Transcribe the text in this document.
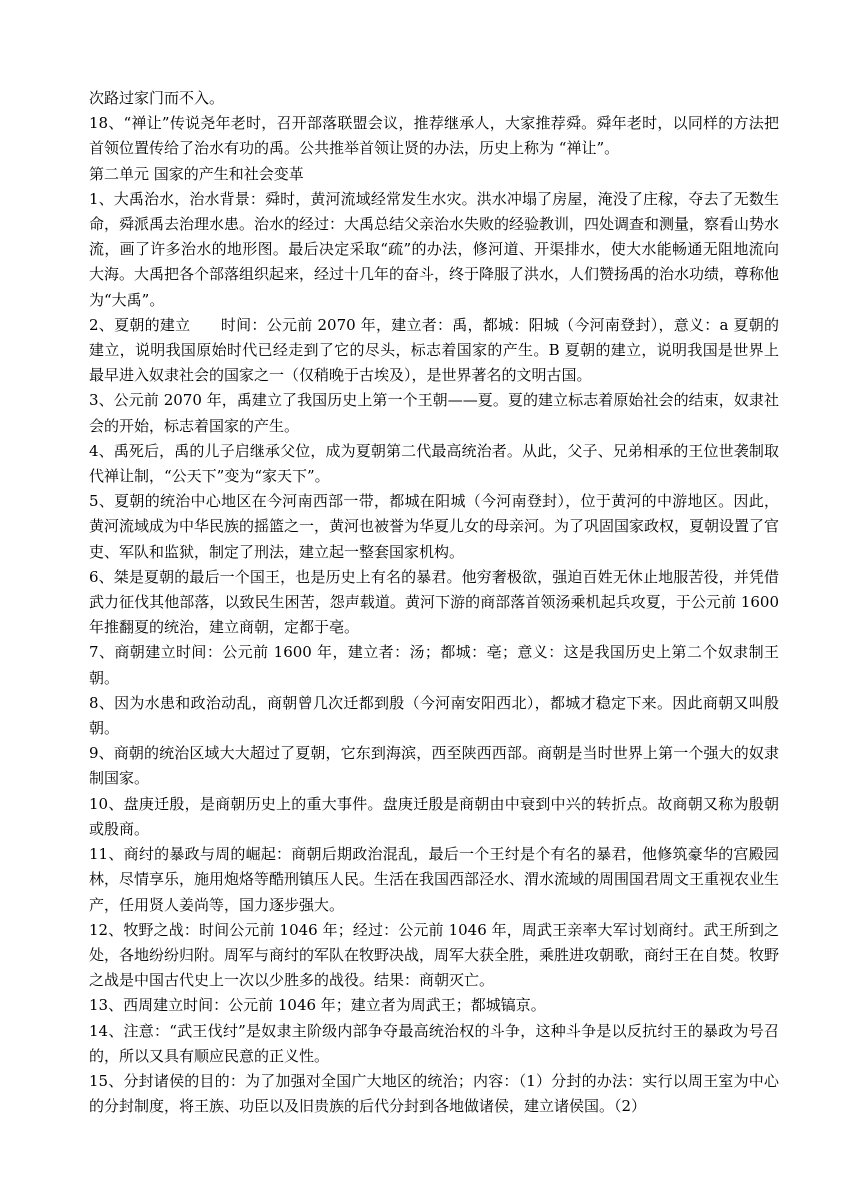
次路过家门而不入。

18、“禅让”传说尧年老时，召开部落联盟会议，推荐继承人，大家推荐舜。舜年老时，以同样的方法把首领位置传给了治水有功的禹。公共推举首领让贤的办法，历史上称为 “禅让”。

第二单元 国家的产生和社会变革

1、大禹治水，治水背景：舜时，黄河流域经常发生水灾。洪水冲塌了房屋，淹没了庄稼，夺去了无数生命，舜派禹去治理水患。治水的经过：大禹总结父亲治水失败的经验教训，四处调查和测量，察看山势水流，画了许多治水的地形图。最后决定采取“疏”的办法，修河道、开渠排水，使大水能畅通无阻地流向大海。大禹把各个部落组织起来，经过十几年的奋斗，终于降服了洪水，人们赞扬禹的治水功绩，尊称他为“大禹”。

2、夏朝的建立　　时间：公元前 2070 年，建立者：禹，都城：阳城（今河南登封），意义：a 夏朝的建立，说明我国原始时代已经走到了它的尽头，标志着国家的产生。B 夏朝的建立，说明我国是世界上最早进入奴隶社会的国家之一（仅稍晚于古埃及），是世界著名的文明古国。

3、公元前 2070 年，禹建立了我国历史上第一个王朝——夏。夏的建立标志着原始社会的结束，奴隶社会的开始，标志着国家的产生。

4、禹死后，禹的儿子启继承父位，成为夏朝第二代最高统治者。从此，父子、兄弟相承的王位世袭制取代禅让制，“公天下”变为“家天下”。

5、夏朝的统治中心地区在今河南西部一带，都城在阳城（今河南登封），位于黄河的中游地区。因此，黄河流域成为中华民族的摇篮之一，黄河也被誉为华夏儿女的母亲河。为了巩固国家政权，夏朝设置了官吏、军队和监狱，制定了刑法，建立起一整套国家机构。

6、桀是夏朝的最后一个国王，也是历史上有名的暴君。他穷奢极欲，强迫百姓无休止地服苦役，并凭借武力征伐其他部落，以致民生困苦，怨声载道。黄河下游的商部落首领汤乘机起兵攻夏，于公元前 1600 年推翻夏的统治，建立商朝，定都于亳。

7、商朝建立时间：公元前 1600 年，建立者：汤；都城：亳；意义：这是我国历史上第二个奴隶制王朝。

8、因为水患和政治动乱，商朝曾几次迁都到殷（今河南安阳西北），都城才稳定下来。因此商朝又叫殷朝。

9、商朝的统治区域大大超过了夏朝，它东到海滨，西至陕西西部。商朝是当时世界上第一个强大的奴隶制国家。

10、盘庚迁殷，是商朝历史上的重大事件。盘庚迁殷是商朝由中衰到中兴的转折点。故商朝又称为殷朝或殷商。

11、商纣的暴政与周的崛起：商朝后期政治混乱，最后一个王纣是个有名的暴君，他修筑豪华的宫殿园林，尽情享乐，施用炮烙等酷刑镇压人民。生活在我国西部泾水、渭水流域的周围国君周文王重视农业生产，任用贤人姜尚等，国力逐步强大。

12、牧野之战：时间公元前 1046 年；经过：公元前 1046 年，周武王亲率大军讨划商纣。武王所到之处，各地纷纷归附。周军与商纣的军队在牧野决战，周军大获全胜，乘胜进攻朝歌，商纣王在自焚。牧野之战是中国古代史上一次以少胜多的战役。结果：商朝灭亡。

13、西周建立时间：公元前 1046 年；建立者为周武王；都城镐京。

14、注意：“武王伐纣”是奴隶主阶级内部争夺最高统治权的斗争，这种斗争是以反抗纣王的暴政为号召的，所以又具有顺应民意的正义性。

15、分封诸侯的目的：为了加强对全国广大地区的统治；内容：（1）分封的办法：实行以周王室为中心的分封制度，将王族、功臣以及旧贵族的后代分封到各地做诸侯，建立诸侯国。（2）
